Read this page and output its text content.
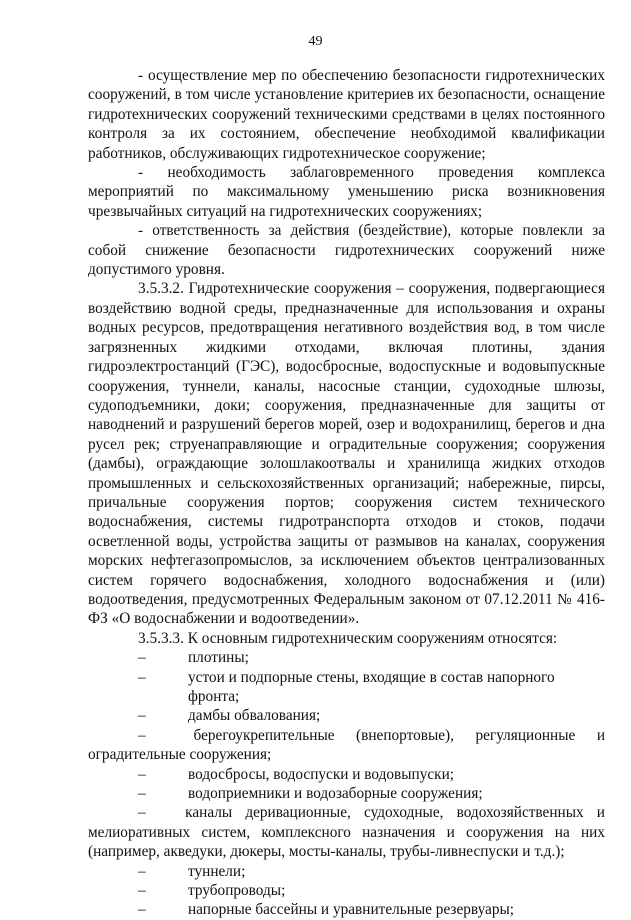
49

- осуществление мер по обеспечению безопасности гидротехнических сооружений, в том числе установление критериев их безопасности, оснащение гидротехнических сооружений техническими средствами в целях постоянного контроля за их состоянием, обеспечение необходимой квалификации работников, обслуживающих гидротехническое сооружение;

- необходимость заблаговременного проведения комплекса мероприятий по максимальному уменьшению риска возникновения чрезвычайных ситуаций на гидротехнических сооружениях;

- ответственность за действия (бездействие), которые повлекли за собой снижение безопасности гидротехнических сооружений ниже допустимого уровня.

3.5.3.2. Гидротехнические сооружения – сооружения, подвергающиеся воздействию водной среды, предназначенные для использования и охраны водных ресурсов, предотвращения негативного воздействия вод, в том числе загрязненных жидкими отходами, включая плотины, здания гидроэлектростанций (ГЭС), водосбросные, водоспускные и водовыпускные сооружения, туннели, каналы, насосные станции, судоходные шлюзы, судоподъемники, доки; сооружения, предназначенные для защиты от наводнений и разрушений берегов морей, озер и водохранилищ, берегов и дна русел рек; струенаправляющие и оградительные сооружения; сооружения (дамбы), ограждающие золошлакоотвалы и хранилища жидких отходов промышленных и сельскохозяйственных организаций; набережные, пирсы, причальные сооружения портов; сооружения систем технического водоснабжения, системы гидротранспорта отходов и стоков, подачи осветленной воды, устройства защиты от размывов на каналах, сооружения морских нефтегазопромыслов, за исключением объектов централизованных систем горячего водоснабжения, холодного водоснабжения и (или) водоотведения, предусмотренных Федеральным законом от 07.12.2011 № 416-ФЗ «О водоснабжении и водоотведении».

3.5.3.3. К основным гидротехническим сооружениям относятся:

–	плотины;
–	устои и подпорные стены, входящие в состав напорного фронта;
–	дамбы обвалования;
–	берегоукрепительные (внепортовые), регуляционные и оградительные сооружения;
–	водосбросы, водоспуски и водовыпуски;
–	водоприемники и водозаборные сооружения;
–	каналы деривационные, судоходные, водохозяйственных и мелиоративных систем, комплексного назначения и сооружения на них (например, акведуки, дюкеры, мосты-каналы, трубы-ливнеспуски и т.д.);
–	туннели;
–	трубопроводы;
–	напорные бассейны и уравнительные резервуары;
